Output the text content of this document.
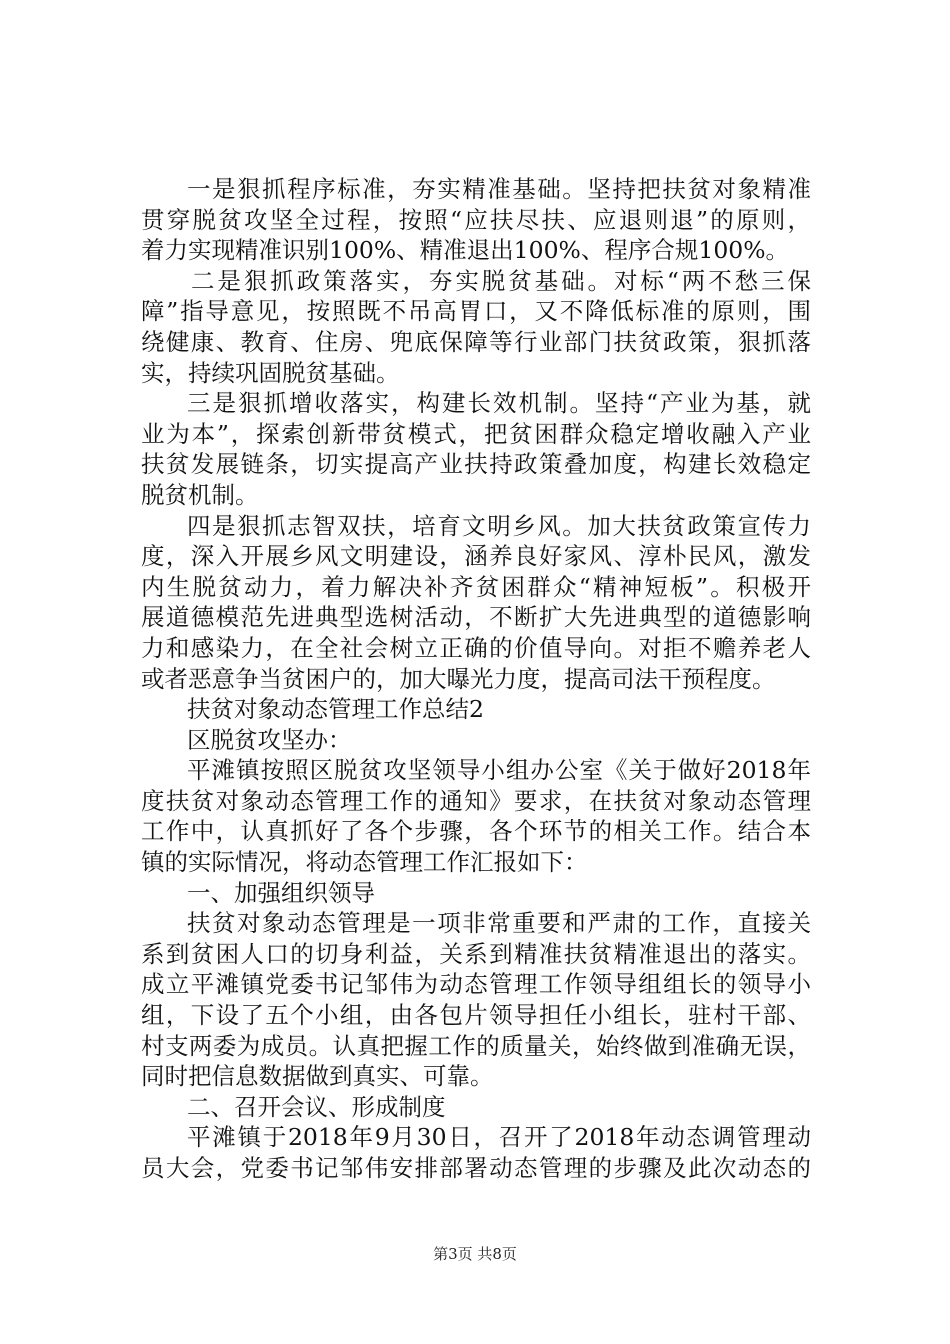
一是狠抓程序标准，夯实精准基础。坚持把扶贫对象精准
贯穿脱贫攻坚全过程，按照“应扶尽扶、应退则退”的原则，
着力实现精准识别100%、精准退出100%、程序合规100%。
二是狠抓政策落实，夯实脱贫基础。对标“两不愁三保
障”指导意见，按照既不吊高胃口，又不降低标准的原则，围
绕健康、教育、住房、兜底保障等行业部门扶贫政策，狠抓落
实，持续巩固脱贫基础。
三是狠抓增收落实，构建长效机制。坚持“产业为基，就
业为本”，探索创新带贫模式，把贫困群众稳定增收融入产业
扶贫发展链条，切实提高产业扶持政策叠加度，构建长效稳定
脱贫机制。
四是狠抓志智双扶，培育文明乡风。加大扶贫政策宣传力
度，深入开展乡风文明建设，涵养良好家风、淳朴民风，激发
内生脱贫动力，着力解决补齐贫困群众“精神短板”。积极开
展道德模范先进典型选树活动，不断扩大先进典型的道德影响
力和感染力，在全社会树立正确的价值导向。对拒不赡养老人
或者恶意争当贫困户的，加大曝光力度，提高司法干预程度。
扶贫对象动态管理工作总结2
区脱贫攻坚办：
平滩镇按照区脱贫攻坚领导小组办公室《关于做好2018年
度扶贫对象动态管理工作的通知》要求，在扶贫对象动态管理
工作中，认真抓好了各个步骤，各个环节的相关工作。结合本
镇的实际情况，将动态管理工作汇报如下：
一、加强组织领导
扶贫对象动态管理是一项非常重要和严肃的工作，直接关
系到贫困人口的切身利益，关系到精准扶贫精准退出的落实。
成立平滩镇党委书记邹伟为动态管理工作领导组组长的领导小
组，下设了五个小组，由各包片领导担任小组长，驻村干部、
村支两委为成员。认真把握工作的质量关，始终做到准确无误，
同时把信息数据做到真实、可靠。
二、召开会议、形成制度
平滩镇于2018年9月30日，召开了2018年动态调管理动
员大会，党委书记邹伟安排部署动态管理的步骤及此次动态的
第3页 共8页
